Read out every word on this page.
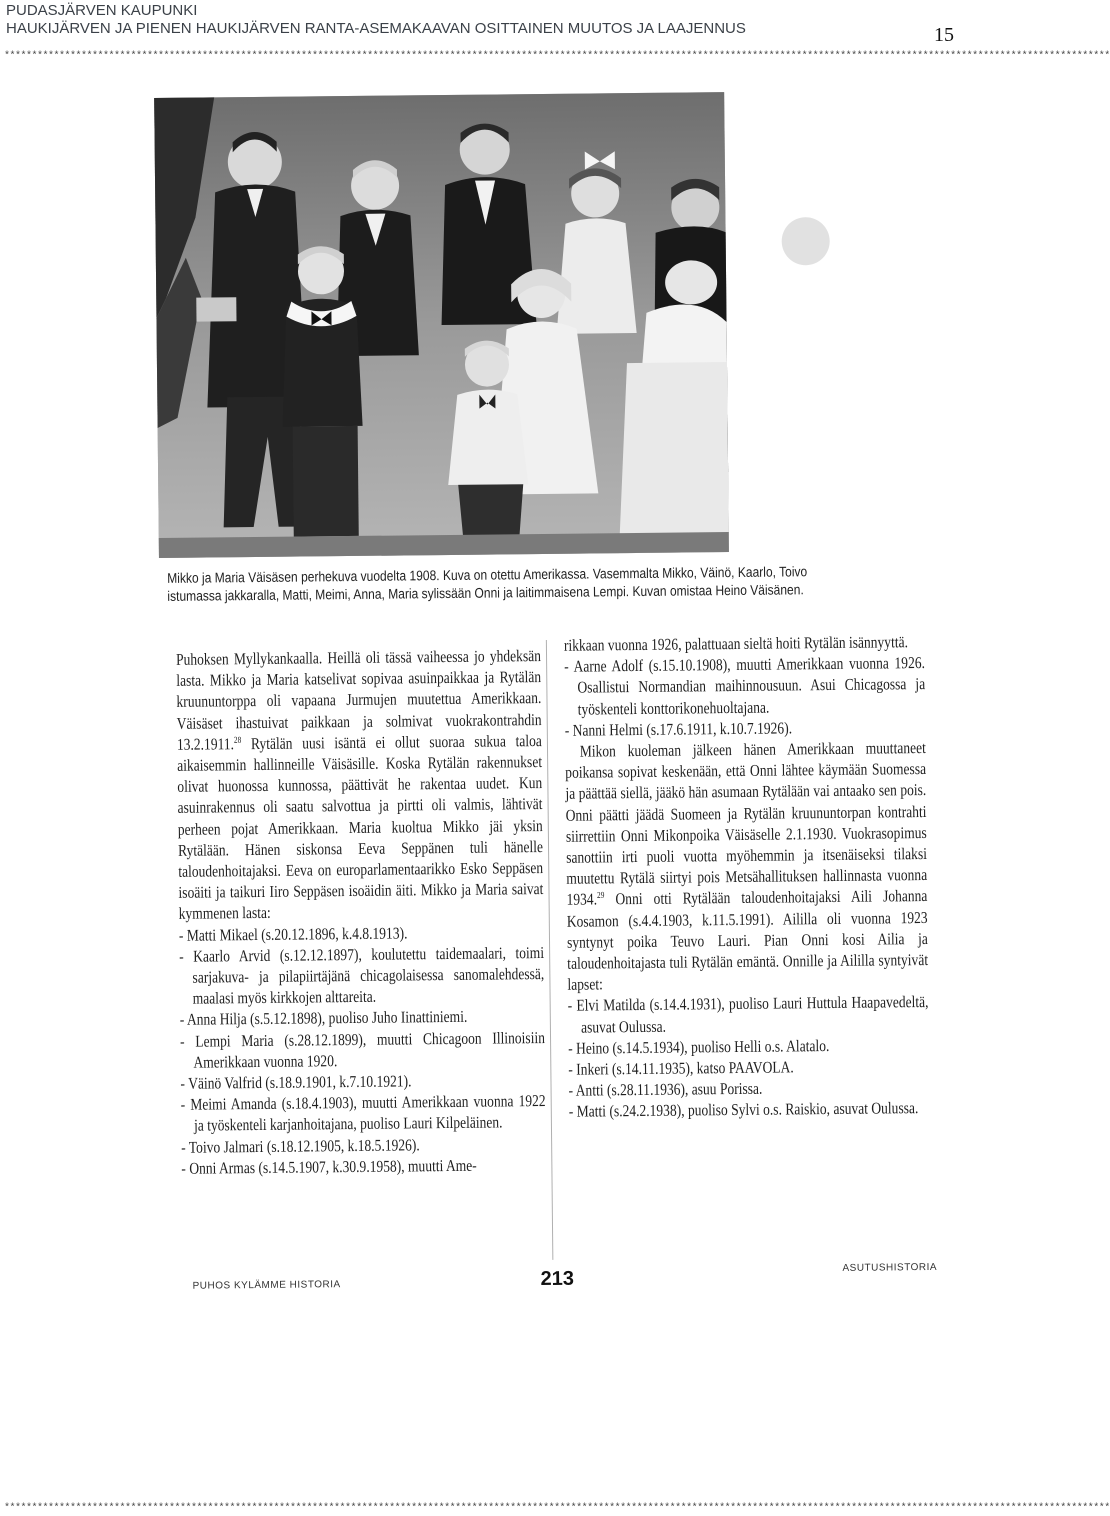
PUDASJÄRVEN KAUPUNKI
HAUKIJÄRVEN JA PIENEN HAUKIJÄRVEN RANTA-ASEMAKAAVAN OSITTAINEN MUUTOS JA LAAJENNUS	15
*********************************************************************************************************************************************************************************************************
Mikko ja Maria Väisäsen perhekuva vuodelta 1908. Kuva on otettu Amerikassa. Vasemmalta Mikko, Väinö, Kaarlo, Toivo istumassa jakkaralla, Matti, Meimi, Anna, Maria sylissään Onni ja laitimmaisena Lempi. Kuvan omistaa Heino Väisänen.

Puhoksen Myllykankaalla. Heillä oli tässä vaiheessa jo yhdeksän lasta. Mikko ja Maria katselivat sopivaa asuinpaikkaa ja Rytälän kruununtorppa oli vapaana Jurmujen muutettua Amerikkaan. Väisäset ihastuivat paikkaan ja solmivat vuokrakontrahdin 13.2.1911.28 Rytälän uusi isäntä ei ollut suoraa sukua taloa aikaisemmin hallinneille Väisäsille. Koska Rytälän rakennukset olivat huonossa kunnossa, päättivät he rakentaa uudet. Kun asuinrakennus oli saatu salvottua ja pirtti oli valmis, lähtivät perheen pojat Amerikkaan. Maria kuoltua Mikko jäi yksin Rytälään. Hänen siskonsa Eeva Seppänen tuli hänelle taloudenhoitajaksi. Eeva on europarlamentaarikko Esko Seppäsen isoäiti ja taikuri Iiro Seppäsen isoäidin äiti. Mikko ja Maria saivat kymmenen lasta:

- Matti Mikael (s.20.12.1896, k.4.8.1913).

- Kaarlo Arvid (s.12.12.1897), koulutettu taidemaalari, toimi sarjakuva- ja pilapiirtäjänä chicagolaisessa sanomalehdessä, maalasi myös kirkkojen alttareita.

- Anna Hilja (s.5.12.1898), puoliso Juho Iinattiniemi.

- Lempi Maria (s.28.12.1899), muutti Chicagoon Illinoisiin Amerikkaan vuonna 1920.

- Väinö Valfrid (s.18.9.1901, k.7.10.1921).

- Meimi Amanda (s.18.4.1903), muutti Amerikkaan vuonna 1922 ja työskenteli karjanhoitajana, puoliso Lauri Kilpeläinen.

- Toivo Jalmari (s.18.12.1905, k.18.5.1926).

- Onni Armas (s.14.5.1907, k.30.9.1958), muutti Ame-

rikkaan vuonna 1926, palattuaan sieltä hoiti Rytälän isännyyttä.

- Aarne Adolf (s.15.10.1908), muutti Amerikkaan vuonna 1926. Osallistui Normandian maihinnousuun. Asui Chicagossa ja työskenteli konttorikonehuoltajana.

- Nanni Helmi (s.17.6.1911, k.10.7.1926).

Mikon kuoleman jälkeen hänen Amerikkaan muuttaneet poikansa sopivat keskenään, että Onni lähtee käymään Suomessa ja päättää siellä, jääkö hän asumaan Rytälään vai antaako sen pois. Onni päätti jäädä Suomeen ja Rytälän kruununtorpan kontrahti siirrettiin Onni Mikonpoika Väisäselle 2.1.1930. Vuokrasopimus sanottiin irti puoli vuotta myöhemmin ja itsenäiseksi tilaksi muutettu Rytälä siirtyi pois Metsähallituksen hallinnasta vuonna 1934.29 Onni otti Rytälään taloudenhoitajaksi Aili Johanna Kosamon (s.4.4.1903, k.11.5.1991). Aililla oli vuonna 1923 syntynyt poika Teuvo Lauri. Pian Onni kosi Ailia ja taloudenhoitajasta tuli Rytälän emäntä. Onnille ja Aililla syntyivät lapset:

- Elvi Matilda (s.14.4.1931), puoliso Lauri Huttula Haapavedeltä, asuvat Oulussa.

- Heino (s.14.5.1934), puoliso Helli o.s. Alatalo.

- Inkeri (s.14.11.1935), katso PAAVOLA.

- Antti (s.28.11.1936), asuu Porissa.

- Matti (s.24.2.1938), puoliso Sylvi o.s. Raiskio, asuvat Oulussa.

PUHOS KYLÄMME HISTORIA	213	ASUTUSHISTORIA
*********************************************************************************************************************************************************************************************************
